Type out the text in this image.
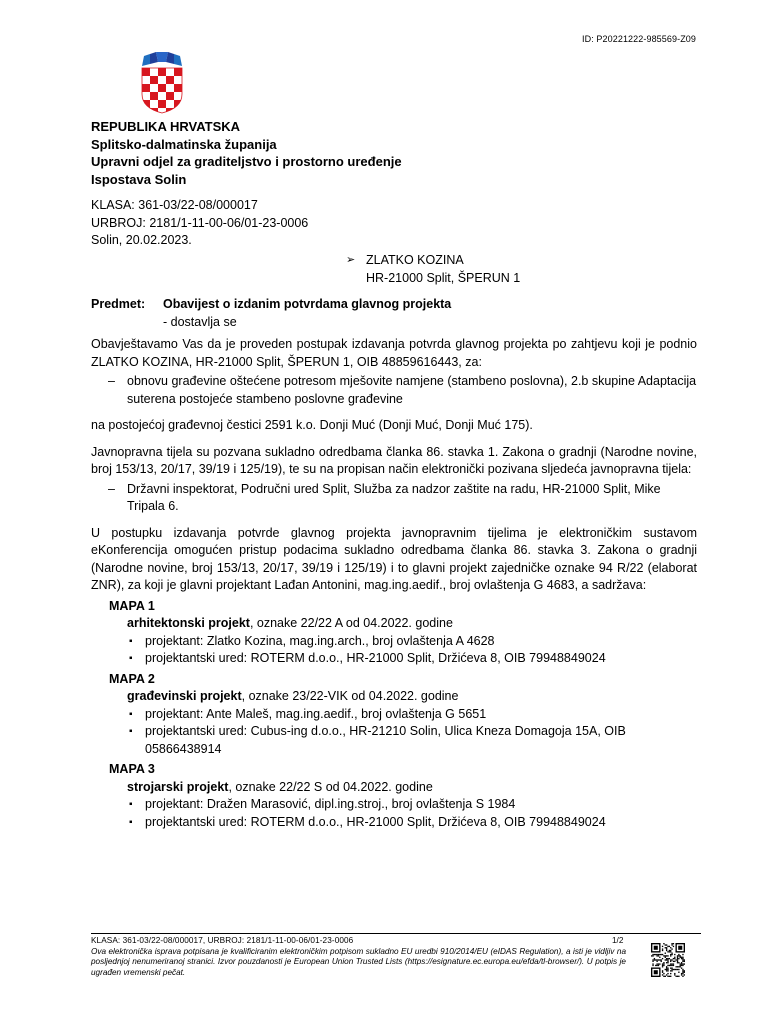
ID: P20221222-985569-Z09
REPUBLIKA HRVATSKA
Splitsko-dalmatinska županija
Upravni odjel za graditeljstvo i prostorno uređenje
Ispostava Solin
KLASA: 361-03/22-08/000017
URBROJ: 2181/1-11-00-06/01-23-0006
Solin, 20.02.2023.
➢ ZLATKO KOZINA
HR-21000 Split, ŠPERUN 1
Predmet: Obavijest o izdanim potvrdama glavnog projekta
- dostavlja se

Obavještavamo Vas da je proveden postupak izdavanja potvrda glavnog projekta po zahtjevu koji je podnio ZLATKO KOZINA, HR-21000 Split, ŠPERUN 1, OIB 48859616443, za:

– obnovu građevine oštećene potresom mješovite namjene (stambeno poslovna), 2.b skupine Adaptacija suterena postojeće stambeno poslovne građevine

na postojećoj građevnoj čestici 2591 k.o. Donji Muć (Donji Muć, Donji Muć 175).

Javnopravna tijela su pozvana sukladno odredbama članka 86. stavka 1. Zakona o gradnji (Narodne novine, broj 153/13, 20/17, 39/19 i 125/19), te su na propisan način elektronički pozivana sljedeća javnopravna tijela:

– Državni inspektorat, Područni ured Split, Služba za nadzor zaštite na radu, HR-21000 Split, Mike Tripala 6.

U postupku izdavanja potvrde glavnog projekta javnopravnim tijelima je elektroničkim sustavom eKonferencija omogućen pristup podacima sukladno odredbama članka 86. stavka 3. Zakona o gradnji (Narodne novine, broj 153/13, 20/17, 39/19 i 125/19) i to glavni projekt zajedničke oznake 94 R/22 (elaborat ZNR), za koji je glavni projektant Lađan Antonini, mag.ing.aedif., broj ovlaštenja G 4683, a sadržava:

MAPA 1
arhitektonski projekt, oznake 22/22 A od 04.2022. godine
▪ projektant: Zlatko Kozina, mag.ing.arch., broj ovlaštenja A 4628
▪ projektantski ured: ROTERM d.o.o., HR-21000 Split, Držićeva 8, OIB 79948849024
MAPA 2
građevinski projekt, oznake 23/22-VIK od 04.2022. godine
▪ projektant: Ante Maleš, mag.ing.aedif., broj ovlaštenja G 5651
▪ projektantski ured: Cubus-ing d.o.o., HR-21210 Solin, Ulica Kneza Domagoja 15A, OIB 05866438914
MAPA 3
strojarski projekt, oznake 22/22 S od 04.2022. godine
▪ projektant: Dražen Marasović, dipl.ing.stroj., broj ovlaštenja S 1984
▪ projektantski ured: ROTERM d.o.o., HR-21000 Split, Držićeva 8, OIB 79948849024
KLASA: 361-03/22-08/000017, URBROJ: 2181/1-11-00-06/01-23-0006
Ova elektronička isprava potpisana je kvalificiranim elektroničkim potpisom sukladno EU uredbi 910/2014/EU (eIDAS Regulation), a isti je vidljiv na posljednjoj nenumeriranoj stranici. Izvor pouzdanosti je European Union Trusted Lists (https://esignature.ec.europa.eu/efda/tl-browser/). U potpis je ugrađen vremenski pečat.
1/2
